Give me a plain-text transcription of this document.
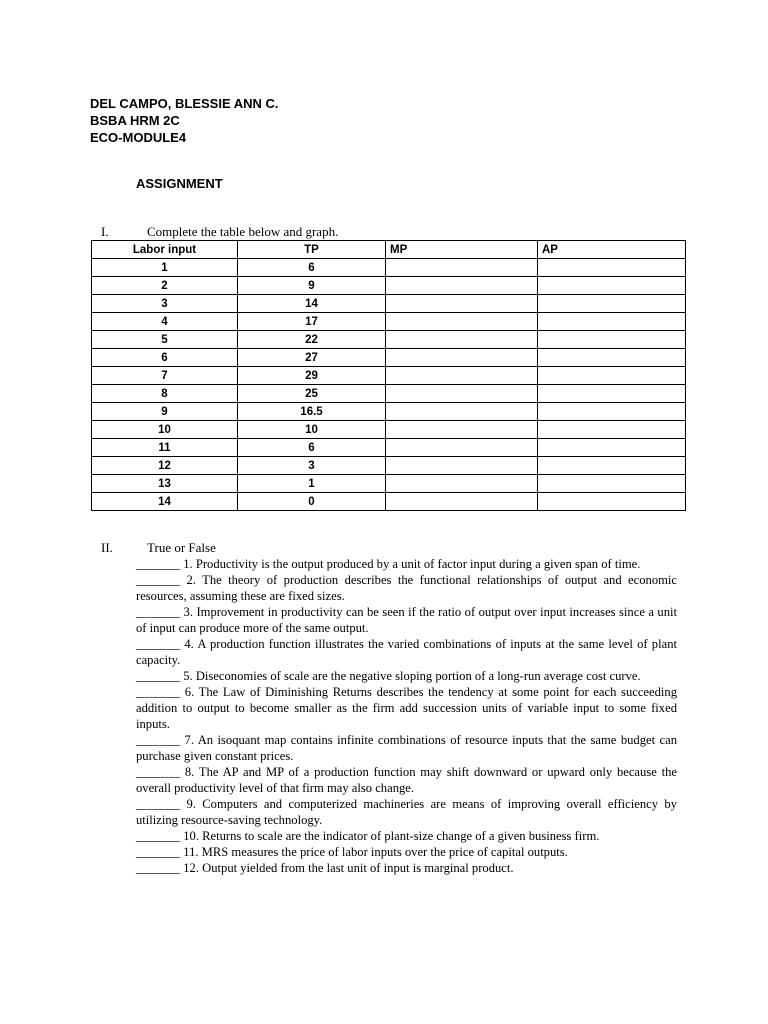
DEL CAMPO, BLESSIE ANN C.
BSBA HRM 2C
ECO-MODULE4
ASSIGNMENT
I.	Complete the table below and graph.
Labor input	TP	MP	AP
1	6		
2	9		
3	14		
4	17		
5	22		
6	27		
7	29		
8	25		
9	16.5		
10	10		
11	6		
12	3		
13	1		
14	0		
II.	True or False

_______ 1. Productivity is the output produced by a unit of factor input during a given span of time.

_______ 2. The theory of production describes the functional relationships of output and economic resources, assuming these are fixed sizes.

_______ 3. Improvement in productivity can be seen if the ratio of output over input increases since a unit of input can produce more of the same output.

_______ 4. A production function illustrates the varied combinations of inputs at the same level of plant capacity.

_______ 5. Diseconomies of scale are the negative sloping portion of a long-run average cost curve.

_______ 6. The Law of Diminishing Returns describes the tendency at some point for each succeeding addition to output to become smaller as the firm add succession units of variable input to some fixed inputs.

_______ 7. An isoquant map contains infinite combinations of resource inputs that the same budget can purchase given constant prices.

_______ 8. The AP and MP of a production function may shift downward or upward only because the overall productivity level of that firm may also change.

_______ 9. Computers and computerized machineries are means of improving overall efficiency by utilizing resource-saving technology.

_______ 10. Returns to scale are the indicator of plant-size change of a given business firm.

_______ 11. MRS measures the price of labor inputs over the price of capital outputs.

_______ 12. Output yielded from the last unit of input is marginal product.
